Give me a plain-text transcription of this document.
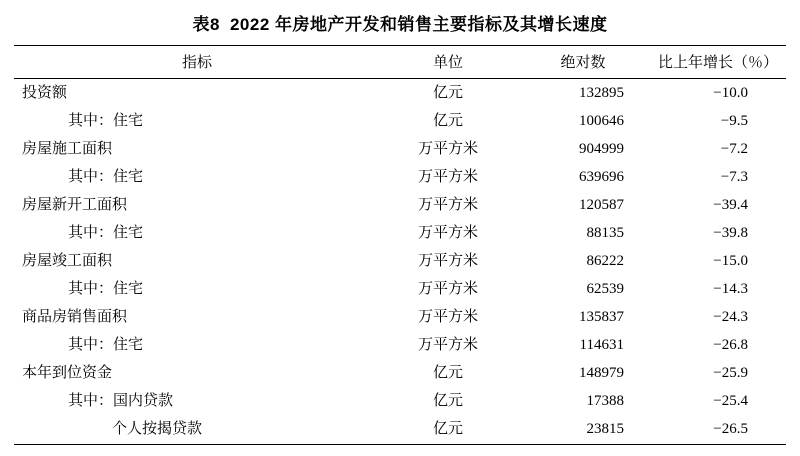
表8 2022 年房地产开发和销售主要指标及其增长速度
指标	单位	绝对数	比上年增长（％）
投资额	亿元	132895	−10.0
其中：住宅	亿元	100646	−9.5
房屋施工面积	万平方米	904999	−7.2
其中：住宅	万平方米	639696	−7.3
房屋新开工面积	万平方米	120587	−39.4
其中：住宅	万平方米	88135	−39.8
房屋竣工面积	万平方米	86222	−15.0
其中：住宅	万平方米	62539	−14.3
商品房销售面积	万平方米	135837	−24.3
其中：住宅	万平方米	114631	−26.8
本年到位资金	亿元	148979	−25.9
其中：国内贷款	亿元	17388	−25.4
个人按揭贷款	亿元	23815	−26.5
